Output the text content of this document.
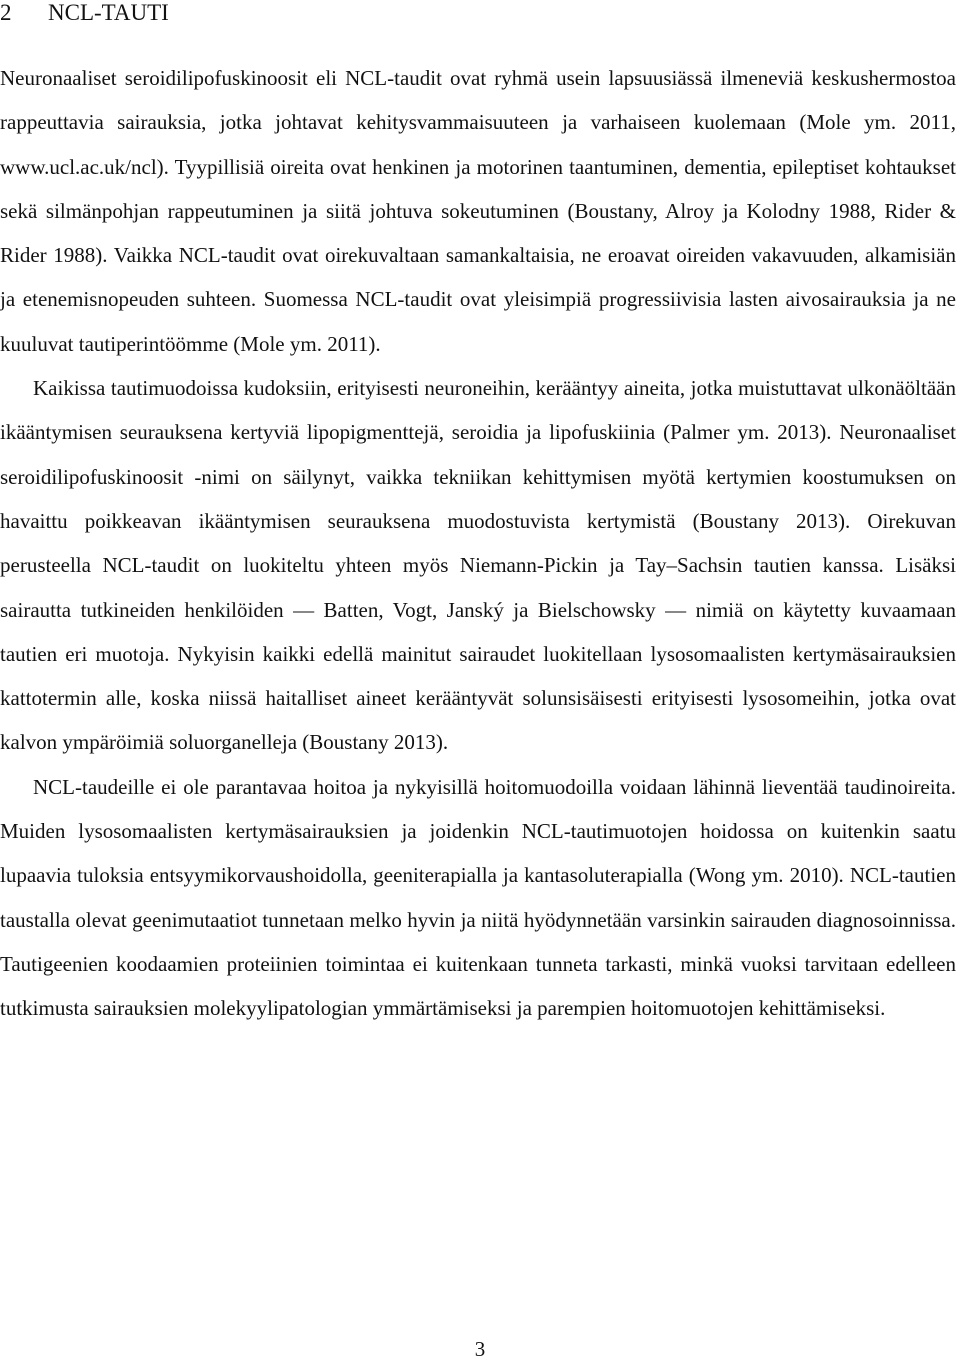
2 NCL-TAUTI

Neuronaaliset seroidilipofuskinoosit eli NCL-taudit ovat ryhmä usein lapsuusiässä ilmeneviä keskushermostoa rappeuttavia sairauksia, jotka johtavat kehitysvammaisuuteen ja varhaiseen kuolemaan (Mole ym. 2011, www.ucl.ac.uk/ncl). Tyypillisiä oireita ovat henkinen ja motorinen taantuminen, dementia, epileptiset kohtaukset sekä silmänpohjan rappeutuminen ja siitä johtuva sokeutuminen (Boustany, Alroy ja Kolodny 1988, Rider & Rider 1988). Vaikka NCL-taudit ovat oirekuvaltaan samankaltaisia, ne eroavat oireiden vakavuuden, alkamisiän ja etenemisnopeuden suhteen. Suomessa NCL-taudit ovat yleisimpiä progressiivisia lasten aivosairauksia ja ne kuuluvat tautiperintöömme (Mole ym. 2011).

Kaikissa tautimuodoissa kudoksiin, erityisesti neuroneihin, kerääntyy aineita, jotka muistuttavat ulkonäöltään ikääntymisen seurauksena kertyviä lipopigmenttejä, seroidia ja lipofuskiinia (Palmer ym. 2013). Neuronaaliset seroidilipofuskinoosit -nimi on säilynyt, vaikka tekniikan kehittymisen myötä kertymien koostumuksen on havaittu poikkeavan ikääntymisen seurauksena muodostuvista kertymistä (Boustany 2013). Oirekuvan perusteella NCL-taudit on luokiteltu yhteen myös Niemann-Pickin ja Tay–Sachsin tautien kanssa. Lisäksi sairautta tutkineiden henkilöiden — Batten, Vogt, Janský ja Bielschowsky — nimiä on käytetty kuvaamaan tautien eri muotoja. Nykyisin kaikki edellä mainitut sairaudet luokitellaan lysosomaalisten kertymäsairauksien kattotermin alle, koska niissä haitalliset aineet kerääntyvät solunsisäisesti erityisesti lysosomeihin, jotka ovat kalvon ympäröimiä soluorganelleja (Boustany 2013).

NCL-taudeille ei ole parantavaa hoitoa ja nykyisillä hoitomuodoilla voidaan lähinnä lieventää taudinoireita. Muiden lysosomaalisten kertymäsairauksien ja joidenkin NCL-tautimuotojen hoidossa on kuitenkin saatu lupaavia tuloksia entsyymikorvaushoidolla, geeniterapialla ja kantasoluterapialla (Wong ym. 2010). NCL-tautien taustalla olevat geenimutaatiot tunnetaan melko hyvin ja niitä hyödynnetään varsinkin sairauden diagnosoinnissa. Tautigeenien koodaamien proteiinien toimintaa ei kuitenkaan tunneta tarkasti, minkä vuoksi tarvitaan edelleen tutkimusta sairauksien molekyylipatologian ymmärtämiseksi ja parempien hoitomuotojen kehittämiseksi.

3
